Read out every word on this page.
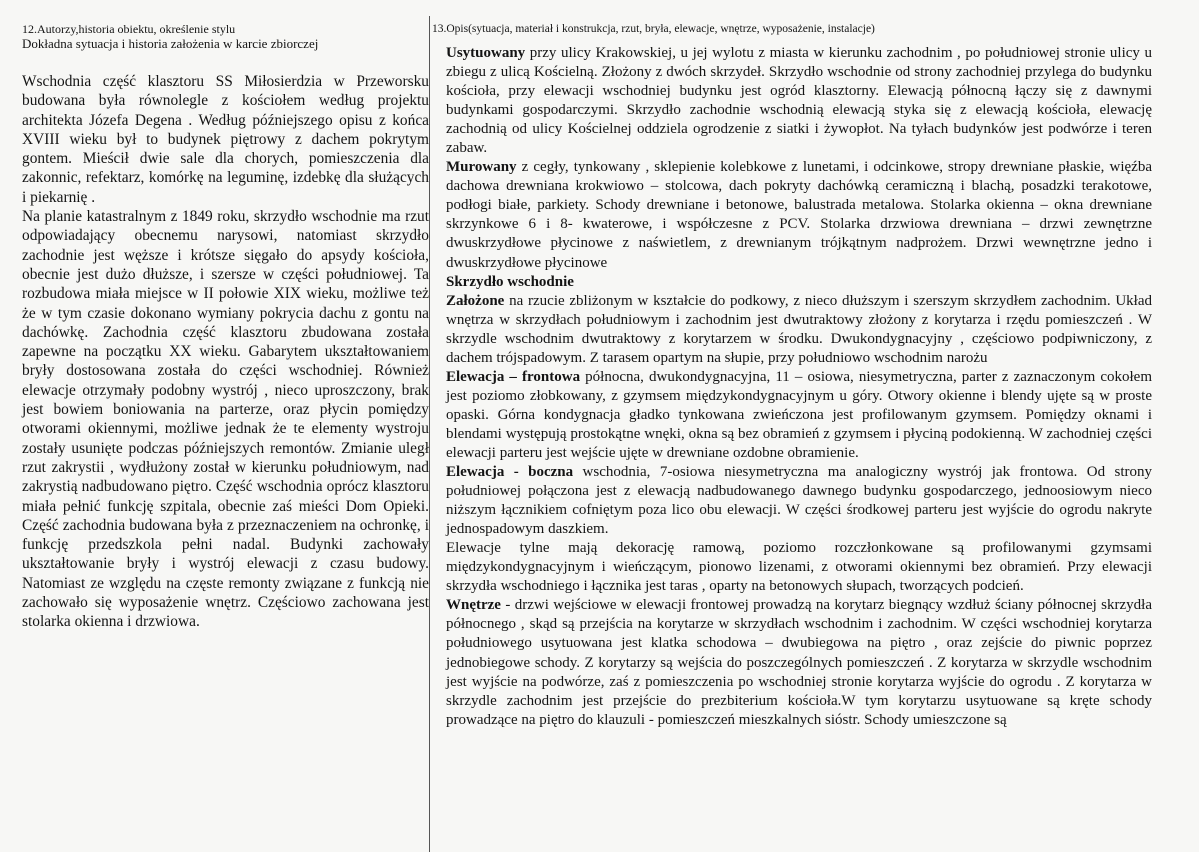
12.Autorzy,historia obiektu, określenie stylu
Dokładna sytuacja i historia założenia w karcie zbiorczej

Wschodnia część klasztoru SS Miłosierdzia w Przeworsku budowana była równolegle z kościołem według projektu architekta Józefa Degena . Według późniejszego opisu z końca XVIII wieku był to budynek piętrowy z dachem pokrytym gontem. Mieścił dwie sale dla chorych, pomieszczenia dla zakonnic, refektarz, komórkę na leguminę, izdebkę dla służących i piekarnię .

Na planie katastralnym z 1849 roku, skrzydło wschodnie ma rzut odpowiadający obecnemu narysowi, natomiast skrzydło zachodnie jest węższe i krótsze sięgało do apsydy kościoła, obecnie jest dużo dłuższe, i szersze w części południowej. Ta rozbudowa miała miejsce w II połowie XIX wieku, możliwe też że w tym czasie dokonano wymiany pokrycia dachu z gontu na dachówkę. Zachodnia część klasztoru zbudowana została zapewne na początku XX wieku. Gabarytem ukształtowaniem bryły dostosowana została do części wschodniej. Również elewacje otrzymały podobny wystrój , nieco uproszczony, brak jest bowiem boniowania na parterze, oraz płycin pomiędzy otworami okiennymi, możliwe jednak że te elementy wystroju zostały usunięte podczas późniejszych remontów. Zmianie uległ rzut zakrystii , wydłużony został w kierunku południowym, nad zakrystią nadbudowano piętro. Część wschodnia oprócz klasztoru miała pełnić funkcję szpitala, obecnie zaś mieści Dom Opieki. Część zachodnia budowana była z przeznaczeniem na ochronkę, i funkcję przedszkola pełni nadal. Budynki zachowały ukształtowanie bryły i wystrój elewacji z czasu budowy. Natomiast ze względu na częste remonty związane z funkcją nie zachowało się wyposażenie wnętrz. Częściowo zachowana jest stolarka okienna i drzwiowa.

13.Opis(sytuacja, materiał i konstrukcja, rzut, bryła, elewacje, wnętrze, wyposażenie, instalacje)

Usytuowany przy ulicy Krakowskiej, u jej wylotu z miasta w kierunku zachodnim , po południowej stronie ulicy u zbiegu z ulicą Kościelną. Złożony z dwóch skrzydeł. Skrzydło wschodnie od strony zachodniej przylega do budynku kościoła, przy elewacji wschodniej budynku jest ogród klasztorny. Elewacją północną łączy się z dawnymi budynkami gospodarczymi. Skrzydło zachodnie wschodnią elewacją styka się z elewacją kościoła, elewację zachodnią od ulicy Kościelnej oddziela ogrodzenie z siatki i żywopłot. Na tyłach budynków jest podwórze i teren zabaw.

Murowany z cegły, tynkowany , sklepienie kolebkowe z lunetami, i odcinkowe, stropy drewniane płaskie, więźba dachowa drewniana krokwiowo – stolcowa, dach pokryty dachówką ceramiczną i blachą, posadzki terakotowe, podłogi białe, parkiety. Schody drewniane i betonowe, balustrada metalowa. Stolarka okienna – okna drewniane skrzynkowe 6 i 8- kwaterowe, i współczesne z PCV. Stolarka drzwiowa drewniana – drzwi zewnętrzne dwuskrzydłowe płycinowe z naświetlem, z drewnianym trójkątnym nadprożem. Drzwi wewnętrzne jedno i dwuskrzydłowe płycinowe

Skrzydło wschodnie

Założone na rzucie zbliżonym w kształcie do podkowy, z nieco dłuższym i szerszym skrzydłem zachodnim. Układ wnętrza w skrzydłach południowym i zachodnim jest dwutraktowy złożony z korytarza i rzędu pomieszczeń . W skrzydle wschodnim dwutraktowy z korytarzem w środku. Dwukondygnacyjny , częściowo podpiwniczony, z dachem trójspadowym. Z tarasem opartym na słupie, przy południowo wschodnim narożu

Elewacja – frontowa północna, dwukondygnacyjna, 11 – osiowa, niesymetryczna, parter z zaznaczonym cokołem jest poziomo złobkowany, z gzymsem międzykondygnacyjnym u góry. Otwory okienne i blendy ujęte są w proste opaski. Górna kondygnacja gładko tynkowana zwieńczona jest profilowanym gzymsem. Pomiędzy oknami i blendami występują prostokątne wnęki, okna są bez obramień z gzymsem i płyciną podokienną. W zachodniej części elewacji parteru jest wejście ujęte w drewniane ozdobne obramienie.

Elewacja - boczna wschodnia, 7-osiowa niesymetryczna ma analogiczny wystrój jak frontowa. Od strony południowej połączona jest z elewacją nadbudowanego dawnego budynku gospodarczego, jednoosiowym nieco niższym łącznikiem cofniętym poza lico obu elewacji. W części środkowej parteru jest wyjście do ogrodu nakryte jednospadowym daszkiem.

Elewacje tylne mają dekorację ramową, poziomo rozczłonkowane są profilowanymi gzymsami międzykondygnacyjnym i wieńczącym, pionowo lizenami, z otworami okiennymi bez obramień. Przy elewacji skrzydła wschodniego i łącznika jest taras , oparty na betonowych słupach, tworzących podcień.

Wnętrze - drzwi wejściowe w elewacji frontowej prowadzą na korytarz biegnący wzdłuż ściany północnej skrzydła północnego , skąd są przejścia na korytarze w skrzydłach wschodnim i zachodnim. W części wschodniej korytarza południowego usytuowana jest klatka schodowa – dwubiegowa na piętro , oraz zejście do piwnic poprzez jednobiegowe schody. Z korytarzy są wejścia do poszczególnych pomieszczeń . Z korytarza w skrzydle wschodnim jest wyjście na podwórze, zaś z pomieszczenia po wschodniej stronie korytarza wyjście do ogrodu . Z korytarza w skrzydle zachodnim jest przejście do prezbiterium kościoła.W tym korytarzu usytuowane są kręte schody prowadzące na piętro do klauzuli - pomieszczeń mieszkalnych sióstr. Schody umieszczone są
